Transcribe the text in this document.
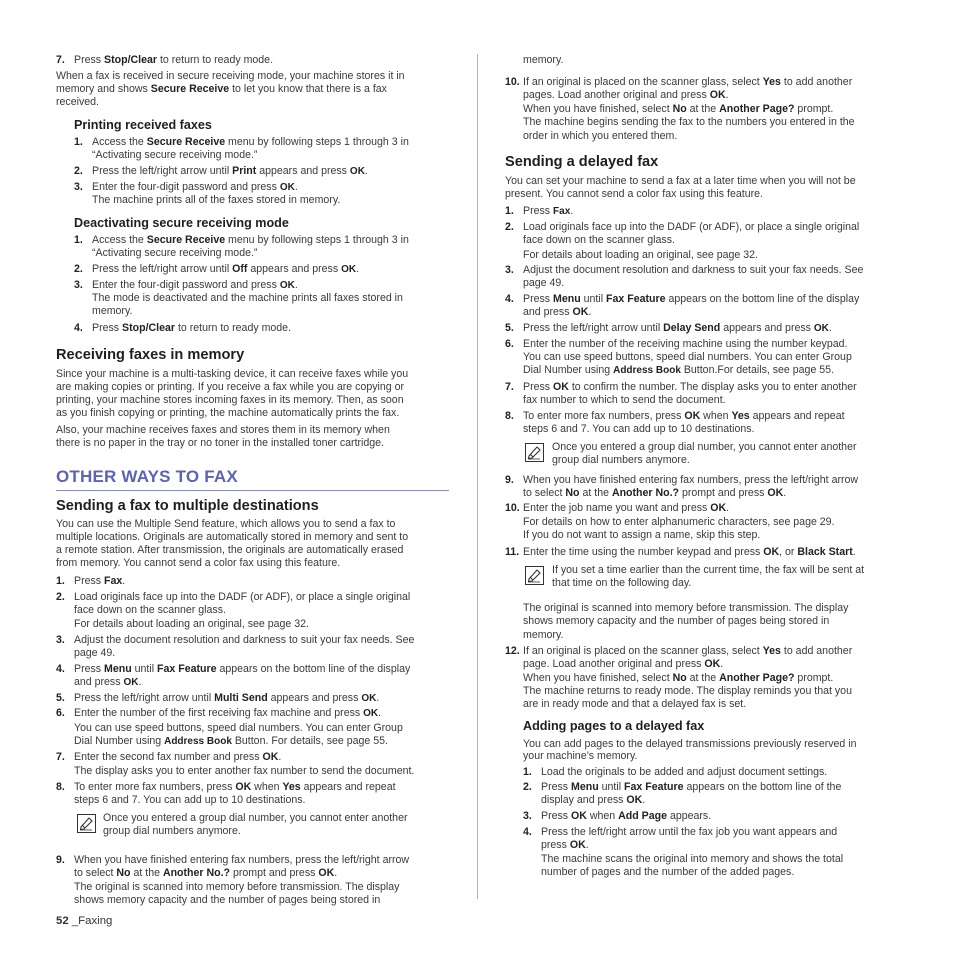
7. Press Stop/Clear to return to ready mode.
When a fax is received in secure receiving mode, your machine stores it in
memory and shows Secure Receive to let you know that there is a fax
received.
Printing received faxes
1. Access the Secure Receive menu by following steps 1 through 3 in
“Activating secure receiving mode.”
2. Press the left/right arrow until Print appears and press OK.
3. Enter the four-digit password and press OK.
The machine prints all of the faxes stored in memory.
Deactivating secure receiving mode
1. Access the Secure Receive menu by following steps 1 through 3 in
“Activating secure receiving mode.”
2. Press the left/right arrow until Off appears and press OK.
3. Enter the four-digit password and press OK.
The mode is deactivated and the machine prints all faxes stored in
memory.
4. Press Stop/Clear to return to ready mode.
Receiving faxes in memory
Since your machine is a multi-tasking device, it can receive faxes while you
are making copies or printing. If you receive a fax while you are copying or
printing, your machine stores incoming faxes in its memory. Then, as soon
as you finish copying or printing, the machine automatically prints the fax.
Also, your machine receives faxes and stores them in its memory when
there is no paper in the tray or no toner in the installed toner cartridge.
OTHER WAYS TO FAX
Sending a fax to multiple destinations
You can use the Multiple Send feature, which allows you to send a fax to
multiple locations. Originals are automatically stored in memory and sent to
a remote station. After transmission, the originals are automatically erased
from memory. You cannot send a color fax using this feature.
1. Press Fax.
2. Load originals face up into the DADF (or ADF), or place a single original
face down on the scanner glass.
For details about loading an original, see page 32.
3. Adjust the document resolution and darkness to suit your fax needs. See
page 49.
4. Press Menu until Fax Feature appears on the bottom line of the display
and press OK.
5. Press the left/right arrow until Multi Send appears and press OK.
6. Enter the number of the first receiving fax machine and press OK.
You can use speed buttons, speed dial numbers. You can enter Group
Dial Number using Address Book Button. For details, see page 55.
7. Enter the second fax number and press OK.
The display asks you to enter another fax number to send the document.
8. To enter more fax numbers, press OK when Yes appears and repeat
steps 6 and 7. You can add up to 10 destinations.
Once you entered a group dial number, you cannot enter another
group dial numbers anymore.
9. When you have finished entering fax numbers, press the left/right arrow
to select No at the Another No.? prompt and press OK.
The original is scanned into memory before transmission. The display
shows memory capacity and the number of pages being stored in
52 _Faxing
memory.
10. If an original is placed on the scanner glass, select Yes to add another
pages. Load another original and press OK.
When you have finished, select No at the Another Page? prompt.
The machine begins sending the fax to the numbers you entered in the
order in which you entered them.
Sending a delayed fax
You can set your machine to send a fax at a later time when you will not be
present. You cannot send a color fax using this feature.
1. Press Fax.
2. Load originals face up into the DADF (or ADF), or place a single original
face down on the scanner glass.
For details about loading an original, see page 32.
3. Adjust the document resolution and darkness to suit your fax needs. See
page 49.
4. Press Menu until Fax Feature appears on the bottom line of the display
and press OK.
5. Press the left/right arrow until Delay Send appears and press OK.
6. Enter the number of the receiving machine using the number keypad.
You can use speed buttons, speed dial numbers. You can enter Group
Dial Number using Address Book Button.For details, see page 55.
7. Press OK to confirm the number. The display asks you to enter another
fax number to which to send the document.
8. To enter more fax numbers, press OK when Yes appears and repeat
steps 6 and 7. You can add up to 10 destinations.
Once you entered a group dial number, you cannot enter another
group dial numbers anymore.
9. When you have finished entering fax numbers, press the left/right arrow
to select No at the Another No.? prompt and press OK.
10. Enter the job name you want and press OK.
For details on how to enter alphanumeric characters, see page 29.
If you do not want to assign a name, skip this step.
11. Enter the time using the number keypad and press OK, or Black Start.
If you set a time earlier than the current time, the fax will be sent at
that time on the following day.
The original is scanned into memory before transmission. The display
shows memory capacity and the number of pages being stored in
memory.
12. If an original is placed on the scanner glass, select Yes to add another
page. Load another original and press OK.
When you have finished, select No at the Another Page? prompt.
The machine returns to ready mode. The display reminds you that you
are in ready mode and that a delayed fax is set.
Adding pages to a delayed fax
You can add pages to the delayed transmissions previously reserved in
your machine’s memory.
1. Load the originals to be added and adjust document settings.
2. Press Menu until Fax Feature appears on the bottom line of the
display and press OK.
3. Press OK when Add Page appears.
4. Press the left/right arrow until the fax job you want appears and
press OK.
The machine scans the original into memory and shows the total
number of pages and the number of the added pages.
